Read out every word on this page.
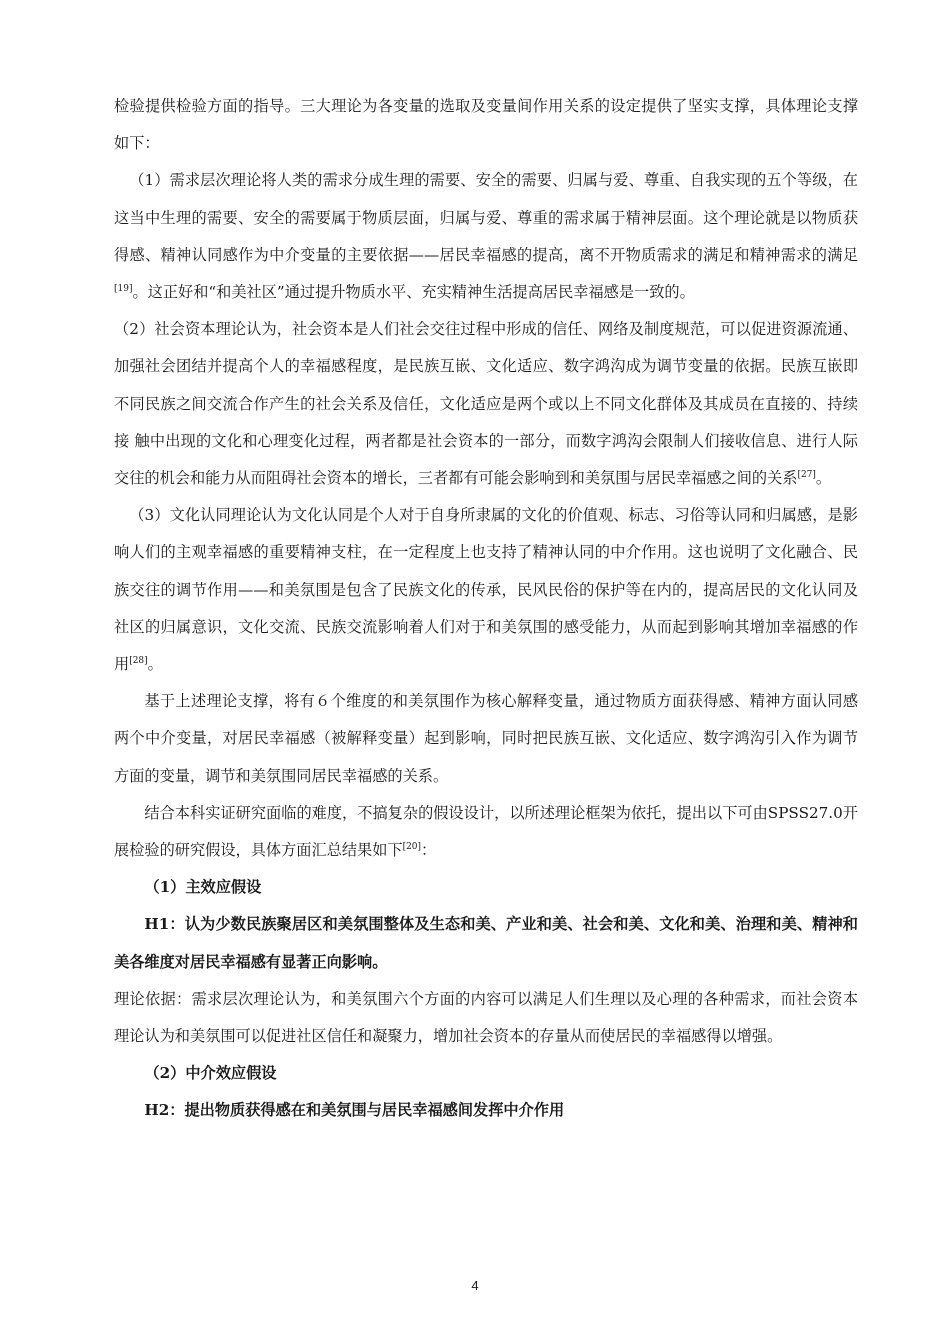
检验提供检验方面的指导。三大理论为各变量的选取及变量间作用关系的设定提供了坚实支撑，具体理论支撑如下：

（1）需求层次理论将人类的需求分成生理的需要、安全的需要、归属与爱、尊重、自我实现的五个等级，在这当中生理的需要、安全的需要属于物质层面，归属与爱、尊重的需求属于精神层面。这个理论就是以物质获得感、精神认同感作为中介变量的主要依据——居民幸福感的提高，离不开物质需求的满足和精神需求的满足[19]。这正好和“和美社区”通过提升物质水平、充实精神生活提高居民幸福感是一致的。

（2）社会资本理论认为，社会资本是人们社会交往过程中形成的信任、网络及制度规范，可以促进资源流通、加强社会团结并提高个人的幸福感程度，是民族互嵌、文化适应、数字鸿沟成为调节变量的依据。民族互嵌即不同民族之间交流合作产生的社会关系及信任，文化适应是两个或以上不同文化群体及其成员在直接的、持续接 触中出现的文化和心理变化过程，两者都是社会资本的一部分，而数字鸿沟会限制人们接收信息、进行人际交往的机会和能力从而阻碍社会资本的增长，三者都有可能会影响到和美氛围与居民幸福感之间的关系[27]。

（3）文化认同理论认为文化认同是个人对于自身所隶属的文化的价值观、标志、习俗等认同和归属感，是影响人们的主观幸福感的重要精神支柱，在一定程度上也支持了精神认同的中介作用。这也说明了文化融合、民族交往的调节作用——和美氛围是包含了民族文化的传承，民风民俗的保护等在内的，提高居民的文化认同及社区的归属意识，文化交流、民族交流影响着人们对于和美氛围的感受能力，从而起到影响其增加幸福感的作用[28]。

基于上述理论支撑，将有６个维度的和美氛围作为核心解释变量，通过物质方面获得感、精神方面认同感两个中介变量，对居民幸福感（被解释变量）起到影响，同时把民族互嵌、文化适应、数字鸿沟引入作为调节方面的变量，调节和美氛围同居民幸福感的关系。

结合本科实证研究面临的难度，不搞复杂的假设设计，以所述理论框架为依托，提出以下可由SPSS27.0开展检验的研究假设，具体方面汇总结果如下[20]：

（1）主效应假设

H1：认为少数民族聚居区和美氛围整体及生态和美、产业和美、社会和美、文化和美、治理和美、精神和美各维度对居民幸福感有显著正向影响。

理论依据：需求层次理论认为，和美氛围六个方面的内容可以满足人们生理以及心理的各种需求，而社会资本理论认为和美氛围可以促进社区信任和凝聚力，增加社会资本的存量从而使居民的幸福感得以增强。

（2）中介效应假设

H2：提出物质获得感在和美氛围与居民幸福感间发挥中介作用

4
